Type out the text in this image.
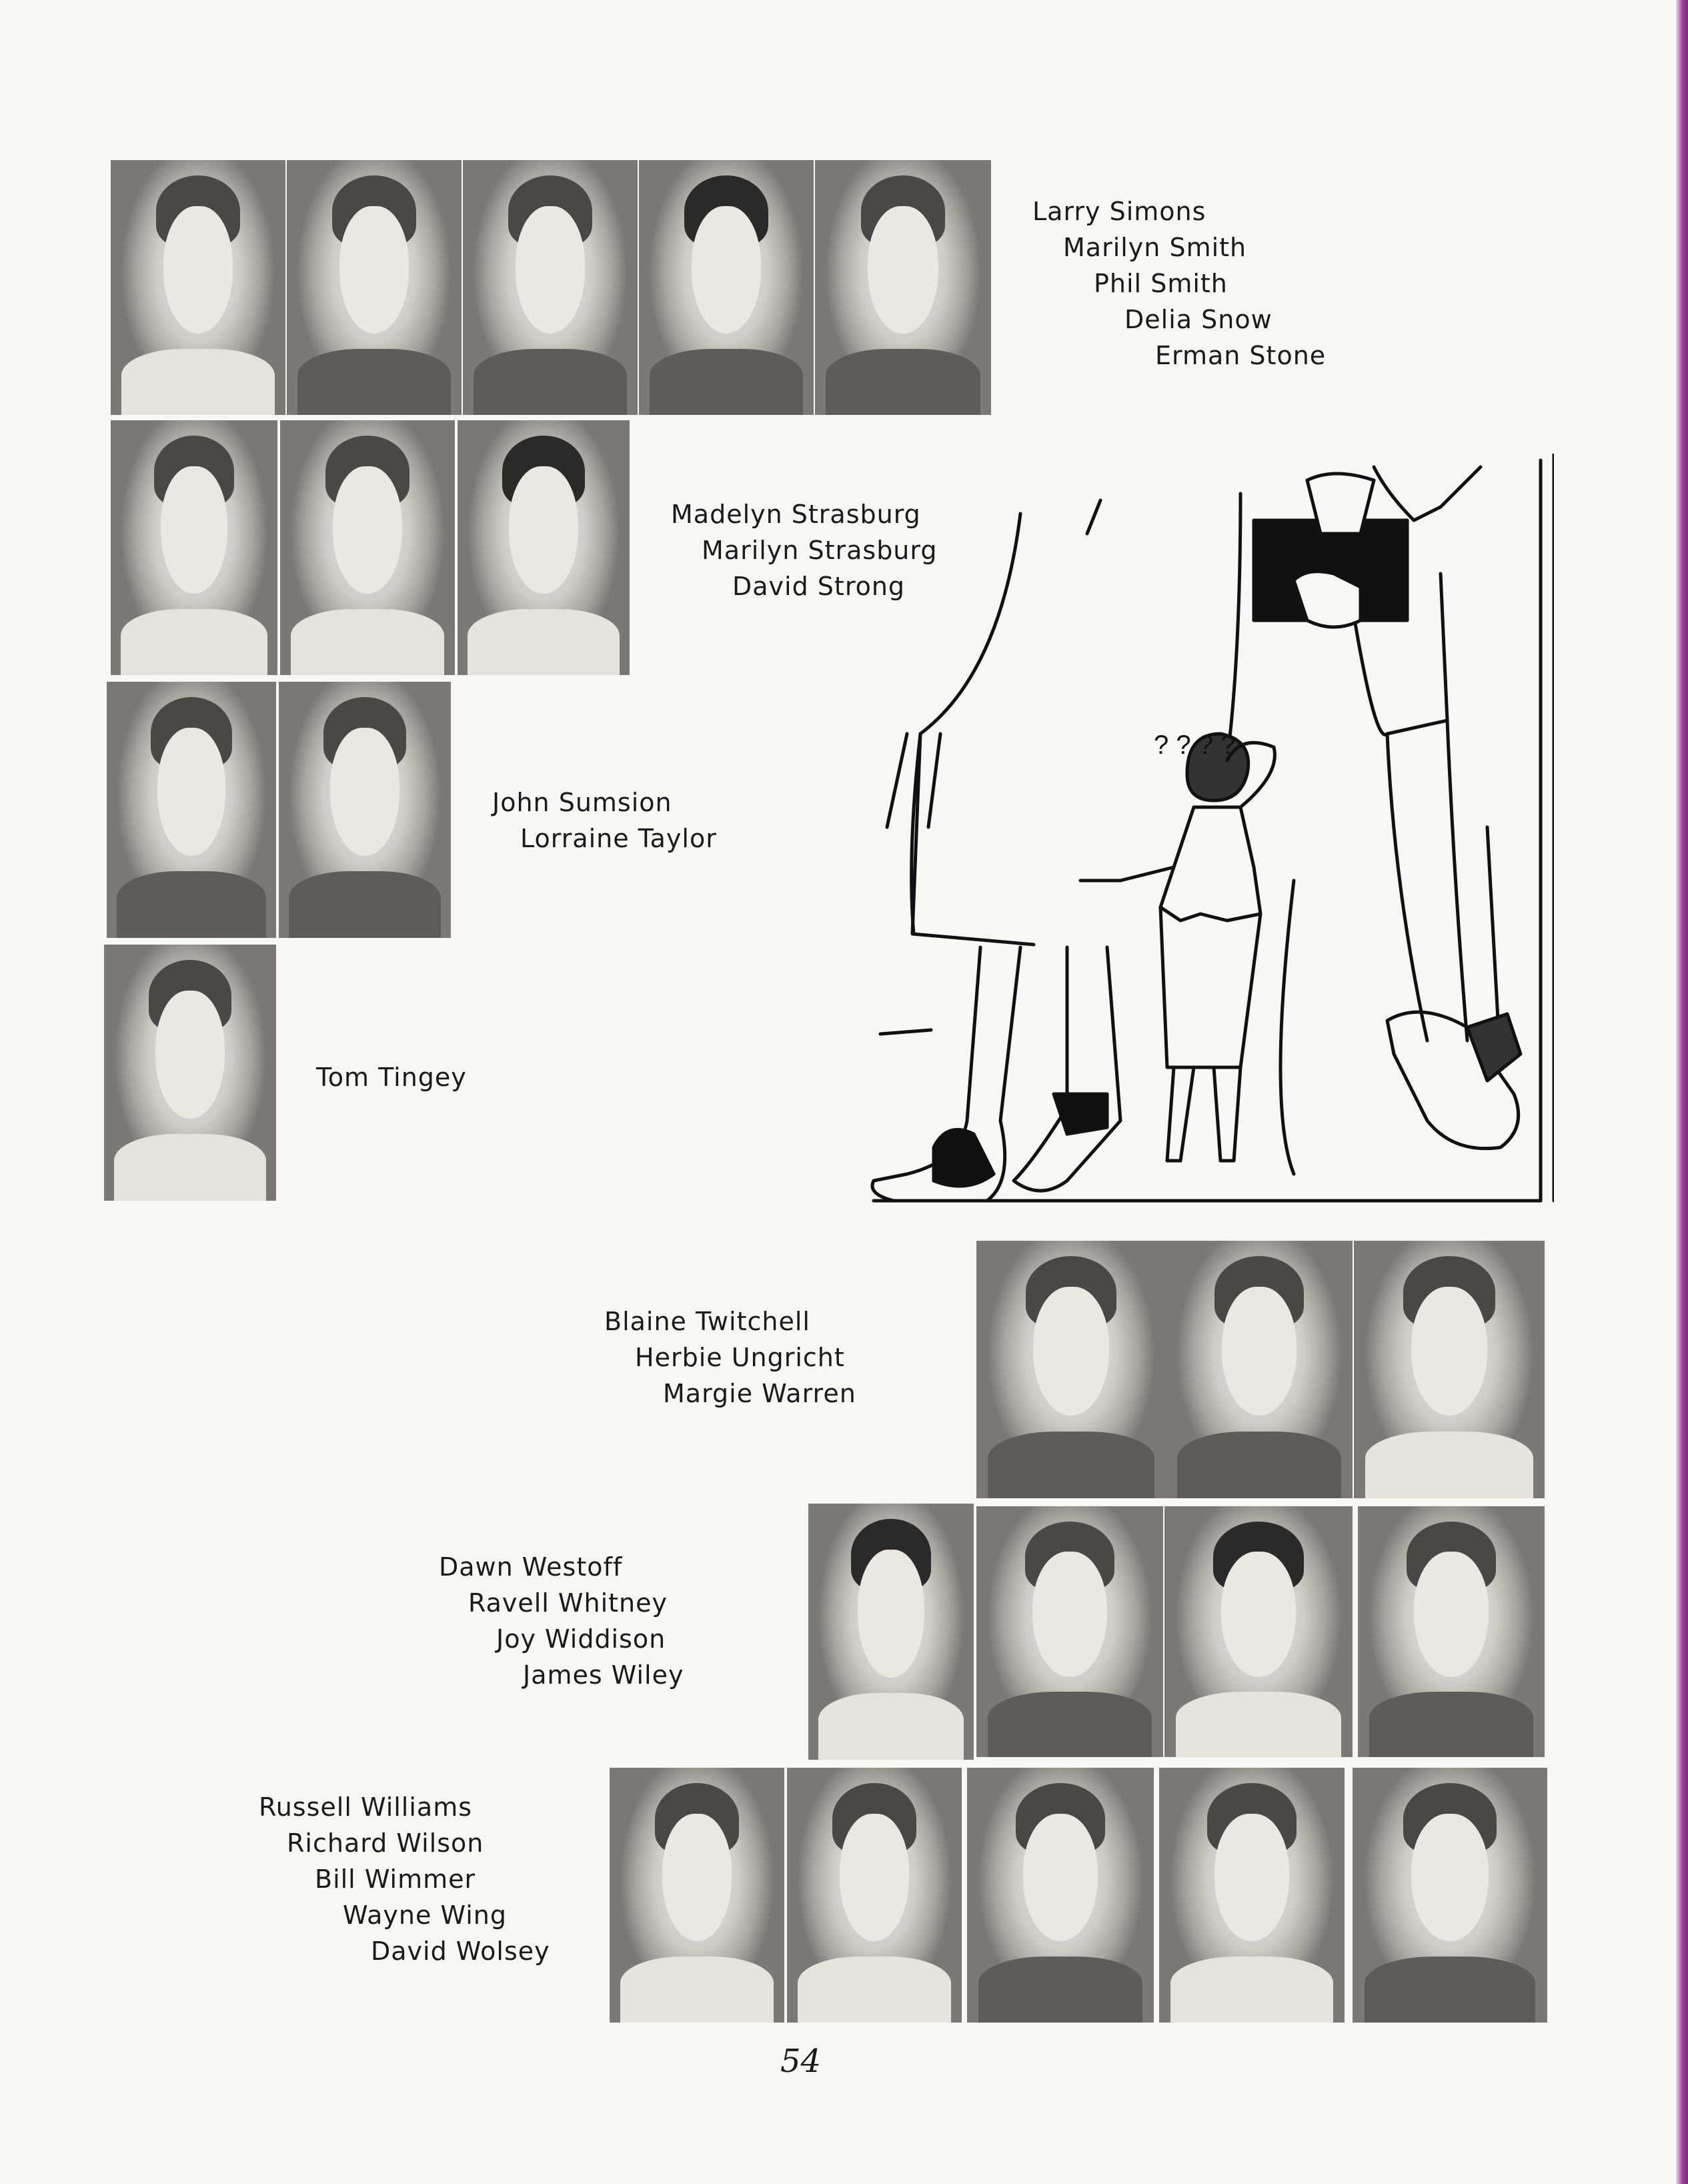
Larry Simons
Marilyn Smith
Phil Smith
Delia Snow
Erman Stone
Madelyn Strasburg
Marilyn Strasburg
David Strong
John Sumsion
Lorraine Taylor
Tom Tingey
? ? ? ?
Blaine Twitchell
Herbie Ungricht
Margie Warren
Dawn Westoff
Ravell Whitney
Joy Widdison
James Wiley
Russell Williams
Richard Wilson
Bill Wimmer
Wayne Wing
David Wolsey
54
